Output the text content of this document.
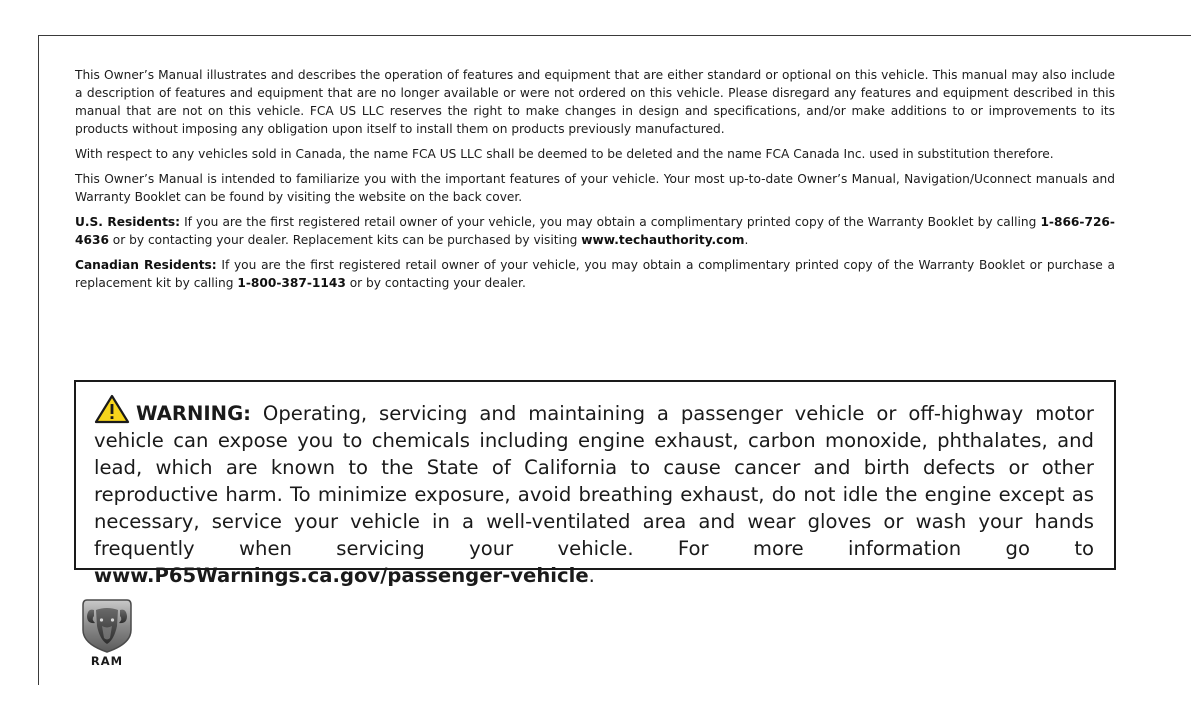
This Owner’s Manual illustrates and describes the operation of features and equipment that are either standard or optional on this vehicle. This manual may also include a description of features and equipment that are no longer available or were not ordered on this vehicle. Please disregard any features and equipment described in this manual that are not on this vehicle. FCA US LLC reserves the right to make changes in design and specifications, and/or make additions to or improvements to its products without imposing any obligation upon itself to install them on products previously manufactured.

With respect to any vehicles sold in Canada, the name FCA US LLC shall be deemed to be deleted and the name FCA Canada Inc. used in substitution therefore.

This Owner’s Manual is intended to familiarize you with the important features of your vehicle. Your most up-to-date Owner’s Manual, Navigation/Uconnect manuals and Warranty Booklet can be found by visiting the website on the back cover.

U.S. Residents: If you are the first registered retail owner of your vehicle, you may obtain a complimentary printed copy of the Warranty Booklet by calling 1-866-726-4636 or by contacting your dealer. Replacement kits can be purchased by visiting www.techauthority.com.

Canadian Residents: If you are the first registered retail owner of your vehicle, you may obtain a complimentary printed copy of the Warranty Booklet or purchase a replacement kit by calling 1-800-387-1143 or by contacting your dealer.

WARNING: Operating, servicing and maintaining a passenger vehicle or off-highway motor vehicle can expose you to chemicals including engine exhaust, carbon monoxide, phthalates, and lead, which are known to the State of California to cause cancer and birth defects or other reproductive harm. To minimize exposure, avoid breathing exhaust, do not idle the engine except as necessary, service your vehicle in a well-ventilated area and wear gloves or wash your hands frequently when servicing your vehicle. For more information go to www.P65Warnings.ca.gov/passenger-vehicle.

RAM
